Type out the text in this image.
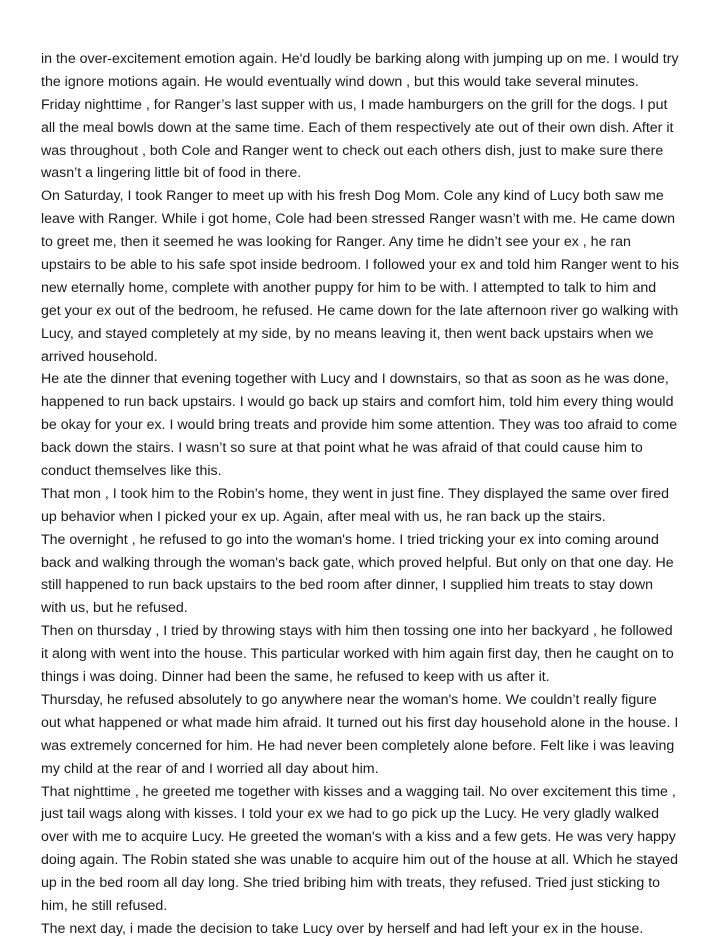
in the over-excitement emotion again. He'd loudly be barking along with jumping up on me. I would try
the ignore motions again. He would eventually wind down , but this would take several minutes.
Friday nighttime , for Ranger’s last supper with us, I made hamburgers on the grill for the dogs. I put
all the meal bowls down at the same time. Each of them respectively ate out of their own dish. After it
was throughout , both Cole and Ranger went to check out each others dish, just to make sure there
wasn’t a lingering little bit of food in there.
On Saturday, I took Ranger to meet up with his fresh Dog Mom. Cole any kind of Lucy both saw me
leave with Ranger. While i got home, Cole had been stressed Ranger wasn’t with me. He came down
to greet me, then it seemed he was looking for Ranger. Any time he didn’t see your ex , he ran
upstairs to be able to his safe spot inside bedroom. I followed your ex and told him Ranger went to his
new eternally home, complete with another puppy for him to be with. I attempted to talk to him and
get your ex out of the bedroom, he refused. He came down for the late afternoon river go walking with
Lucy, and stayed completely at my side, by no means leaving it, then went back upstairs when we
arrived household.
He ate the dinner that evening together with Lucy and I downstairs, so that as soon as he was done,
happened to run back upstairs. I would go back up stairs and comfort him, told him every thing would
be okay for your ex. I would bring treats and provide him some attention. They was too afraid to come
back down the stairs. I wasn’t so sure at that point what he was afraid of that could cause him to
conduct themselves like this.
That mon , I took him to the Robin’s home, they went in just fine. They displayed the same over fired
up behavior when I picked your ex up. Again, after meal with us, he ran back up the stairs.
The overnight , he refused to go into the woman's home. I tried tricking your ex into coming around
back and walking through the woman's back gate, which proved helpful. But only on that one day. He
still happened to run back upstairs to the bed room after dinner, I supplied him treats to stay down
with us, but he refused.
Then on thursday , I tried by throwing stays with him then tossing one into her backyard , he followed
it along with went into the house. This particular worked with him again first day, then he caught on to
things i was doing. Dinner had been the same, he refused to keep with us after it.
Thursday, he refused absolutely to go anywhere near the woman's home. We couldn’t really figure
out what happened or what made him afraid. It turned out his first day household alone in the house. I
was extremely concerned for him. He had never been completely alone before. Felt like i was leaving
my child at the rear of and I worried all day about him.
That nighttime , he greeted me together with kisses and a wagging tail. No over excitement this time ,
just tail wags along with kisses. I told your ex we had to go pick up the Lucy. He very gladly walked
over with me to acquire Lucy. He greeted the woman's with a kiss and a few gets. He was very happy
doing again. The Robin stated she was unable to acquire him out of the house at all. Which he stayed
up in the bed room all day long. She tried bribing him with treats, they refused. Tried just sticking to
him, he still refused.
The next day, i made the decision to take Lucy over by herself and had left your ex in the house.
